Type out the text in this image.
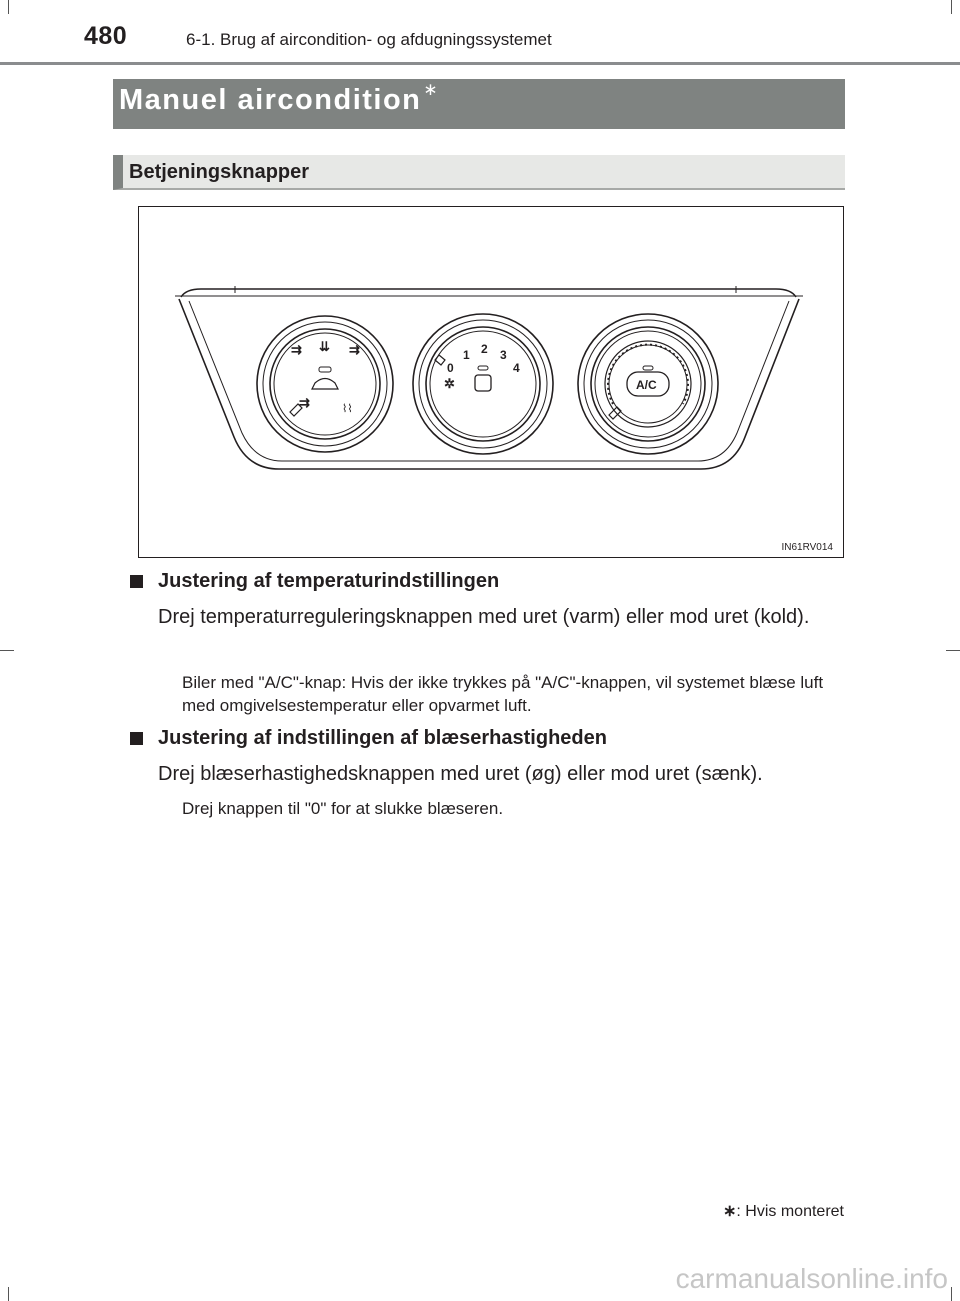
480	6-1. Brug af aircondition- og afdugningssystemet
Manuel aircondition ∗
Betjeningsknapper
⇉ ⇊ ⇉
⇉	⌇⌇
0
1 2 3
4
✲	A/C
IN61RV014
Justering af temperaturindstillingen
Drej temperaturreguleringsknappen med uret (varm) eller mod uret (kold).
Biler med "A/C"-knap: Hvis der ikke trykkes på "A/C"-knappen, vil systemet blæse luft med omgivelsestemperatur eller opvarmet luft.
Justering af indstillingen af blæserhastigheden
Drej blæserhastighedsknappen med uret (øg) eller mod uret (sænk).
Drej knappen til "0" for at slukke blæseren.
∗: Hvis monteret
carmanualsonline.info
